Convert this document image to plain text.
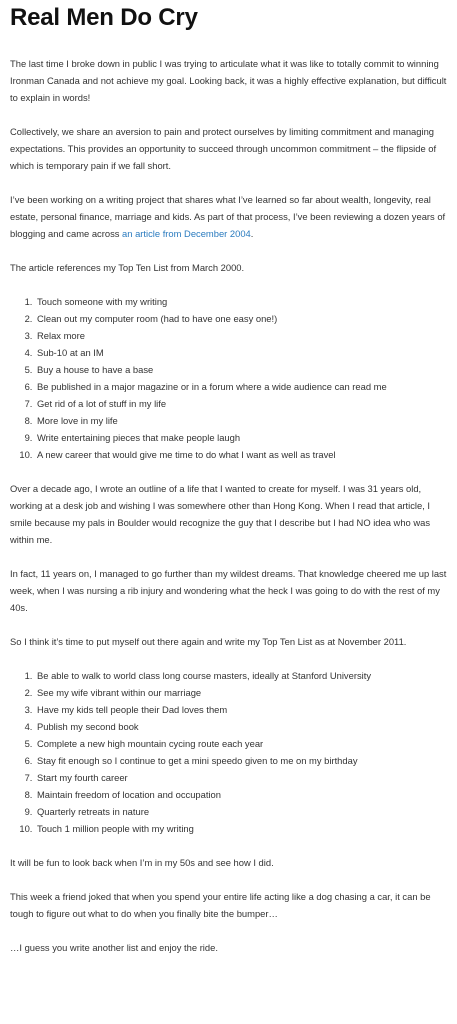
Real Men Do Cry

The last time I broke down in public I was trying to articulate what it was like to totally commit to winning Ironman Canada and not achieve my goal. Looking back, it was a highly effective explanation, but difficult to explain in words!

Collectively, we share an aversion to pain and protect ourselves by limiting commitment and managing expectations. This provides an opportunity to succeed through uncommon commitment – the flipside of which is temporary pain if we fall short.

I’ve been working on a writing project that shares what I’ve learned so far about wealth, longevity, real estate, personal finance, marriage and kids. As part of that process, I’ve been reviewing a dozen years of blogging and came across an article from December 2004.

The article references my Top Ten List from March 2000.

1. Touch someone with my writing
2. Clean out my computer room (had to have one easy one!)
3. Relax more
4. Sub-10 at an IM
5. Buy a house to have a base
6. Be published in a major magazine or in a forum where a wide audience can read me
7. Get rid of a lot of stuff in my life
8. More love in my life
9. Write entertaining pieces that make people laugh
10. A new career that would give me time to do what I want as well as travel

Over a decade ago, I wrote an outline of a life that I wanted to create for myself. I was 31 years old, working at a desk job and wishing I was somewhere other than Hong Kong. When I read that article, I smile because my pals in Boulder would recognize the guy that I describe but I had NO idea who was within me.

In fact, 11 years on, I managed to go further than my wildest dreams. That knowledge cheered me up last week, when I was nursing a rib injury and wondering what the heck I was going to do with the rest of my 40s.

So I think it’s time to put myself out there again and write my Top Ten List as at November 2011.

1. Be able to walk to world class long course masters, ideally at Stanford University
2. See my wife vibrant within our marriage
3. Have my kids tell people their Dad loves them
4. Publish my second book
5. Complete a new high mountain cycing route each year
6. Stay fit enough so I continue to get a mini speedo given to me on my birthday
7. Start my fourth career
8. Maintain freedom of location and occupation
9. Quarterly retreats in nature
10. Touch 1 million people with my writing

It will be fun to look back when I’m in my 50s and see how I did.

This week a friend joked that when you spend your entire life acting like a dog chasing a car, it can be tough to figure out what to do when you finally bite the bumper…

…I guess you write another list and enjoy the ride.
